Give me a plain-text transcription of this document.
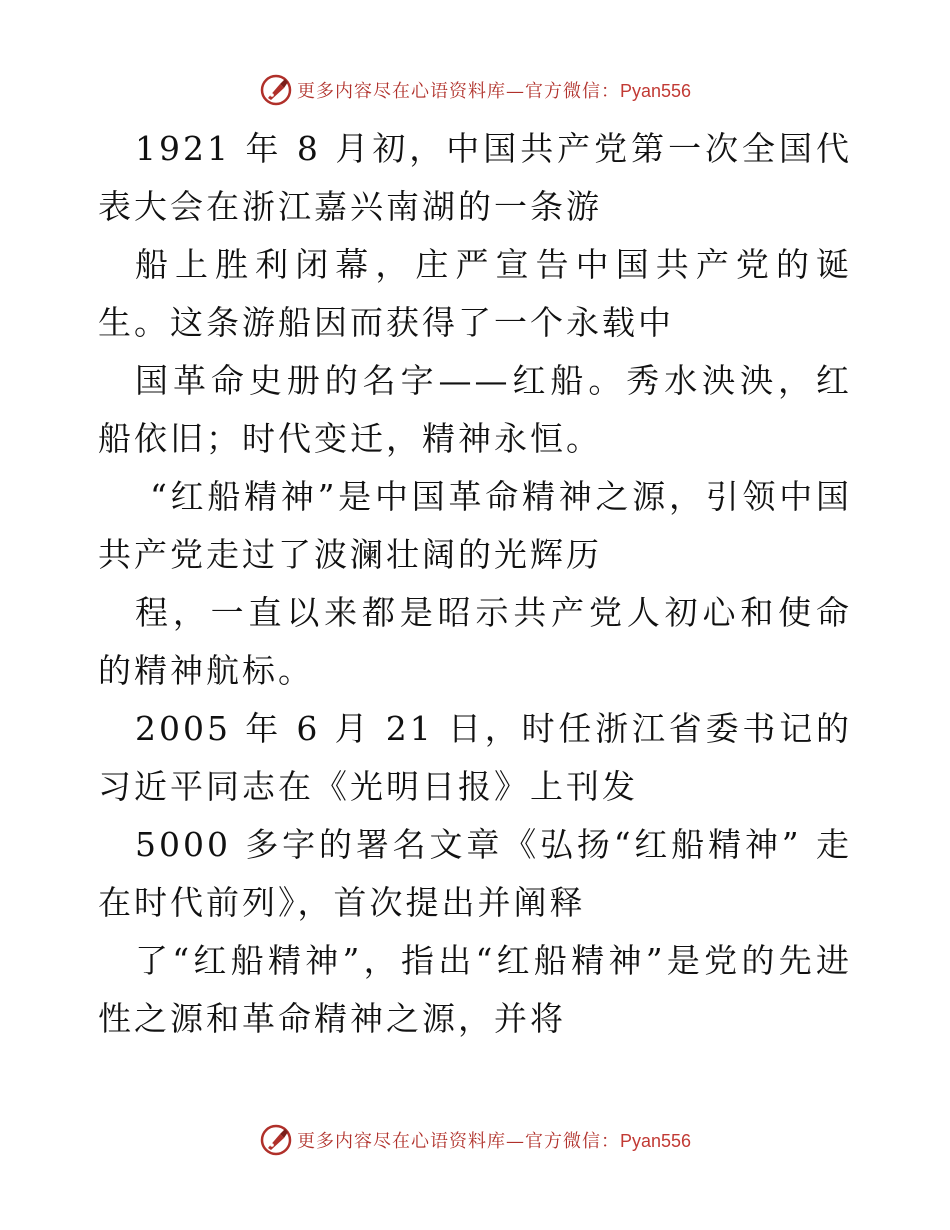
更多内容尽在心语资料库—官方微信：Pyan556

1921 年 8 月初，中国共产党第一次全国代表大会在浙江嘉兴南湖的一条游

船上胜利闭幕，庄严宣告中国共产党的诞生。这条游船因而获得了一个永载中

国革命史册的名字——红船。秀水泱泱，红船依旧；时代变迁，精神永恒。

“红船精神”是中国革命精神之源，引领中国共产党走过了波澜壮阔的光辉历

程，一直以来都是昭示共产党人初心和使命的精神航标。

2005 年 6 月 21 日，时任浙江省委书记的习近平同志在《光明日报》上刊发

5000 多字的署名文章《弘扬“红船精神” 走在时代前列》，首次提出并阐释

了“红船精神”，指出“红船精神”是党的先进性之源和革命精神之源，并将

更多内容尽在心语资料库—官方微信：Pyan556
